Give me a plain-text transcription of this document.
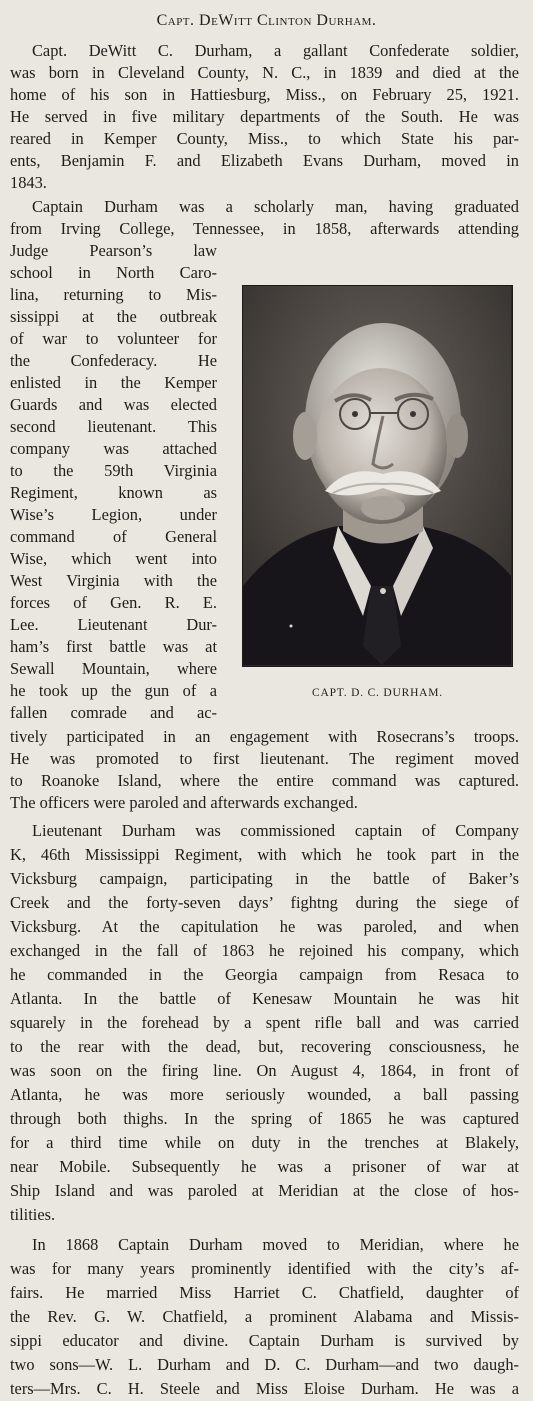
Capt. DeWitt Clinton Durham.
CAPT. D. C. DURHAM.
Capt. DeWitt C. Durham, a gallant Confederate soldier,
was born in Cleveland County, N. C., in 1839 and died at the
home of his son in Hattiesburg, Miss., on February 25, 1921.
He served in five military departments of the South. He was
reared in Kemper County, Miss., to which State his par-
ents, Benjamin F. and Elizabeth Evans Durham, moved in
1843.
Captain Durham was a scholarly man, having graduated
from Irving College, Tennessee, in 1858, afterwards attending
Judge Pearson’s law
school in North Caro-
lina, returning to Mis-
sissippi at the outbreak
of war to volunteer for
the Confederacy. He
enlisted in the Kemper
Guards and was elected
second lieutenant. This
company was attached
to the 59th Virginia
Regiment, known as
Wise’s Legion, under
command of General
Wise, which went into
West Virginia with the
forces of Gen. R. E.
Lee. Lieutenant Dur-
ham’s first battle was at
Sewall Mountain, where
he took up the gun of a
fallen comrade and ac-
tively participated in an engagement with Rosecrans’s troops.
He was promoted to first lieutenant. The regiment moved
to Roanoke Island, where the entire command was captured.
The officers were paroled and afterwards exchanged.
Lieutenant Durham was commissioned captain of Company
K, 46th Mississippi Regiment, with which he took part in the
Vicksburg campaign, participating in the battle of Baker’s
Creek and the forty-seven days’ fightng during the siege of
Vicksburg. At the capitulation he was paroled, and when
exchanged in the fall of 1863 he rejoined his company, which
he commanded in the Georgia campaign from Resaca to
Atlanta. In the battle of Kenesaw Mountain he was hit
squarely in the forehead by a spent rifle ball and was carried
to the rear with the dead, but, recovering consciousness, he
was soon on the firing line. On August 4, 1864, in front of
Atlanta, he was more seriously wounded, a ball passing
through both thighs. In the spring of 1865 he was captured
for a third time while on duty in the trenches at Blakely,
near Mobile. Subsequently he was a prisoner of war at
Ship Island and was paroled at Meridian at the close of hos-
tilities.
In 1868 Captain Durham moved to Meridian, where he
was for many years prominently identified with the city’s af-
fairs. He married Miss Harriet C. Chatfield, daughter of
the Rev. G. W. Chatfield, a prominent Alabama and Missis-
sippi educator and divine. Captain Durham is survived by
two sons—W. L. Durham and D. C. Durham—and two daugh-
ters—Mrs. C. H. Steele and Miss Eloise Durham. He was a
